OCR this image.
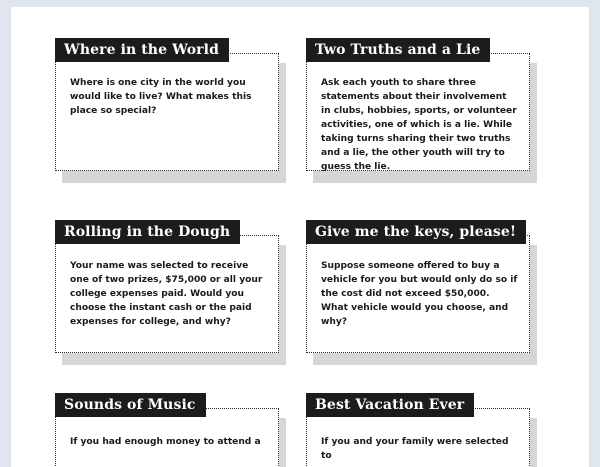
Where in the World
Where is one city in the world you would like to live? What makes this place so special?
Two Truths and a Lie
Ask each youth to share three statements about their involvement in clubs, hobbies, sports, or volunteer activities, one of which is a lie. While taking turns sharing their two truths and a lie, the other youth will try to guess the lie.
Rolling in the Dough
Your name was selected to receive one of two prizes, $75,000 or all your college expenses paid. Would you choose the instant cash or the paid expenses for college, and why?
Give me the keys, please!
Suppose someone offered to buy a vehicle for you but would only do so if the cost did not exceed $50,000. What vehicle would you choose, and why?
Sounds of Music
If you had enough money to attend a
Best Vacation Ever
If you and your family were selected to
